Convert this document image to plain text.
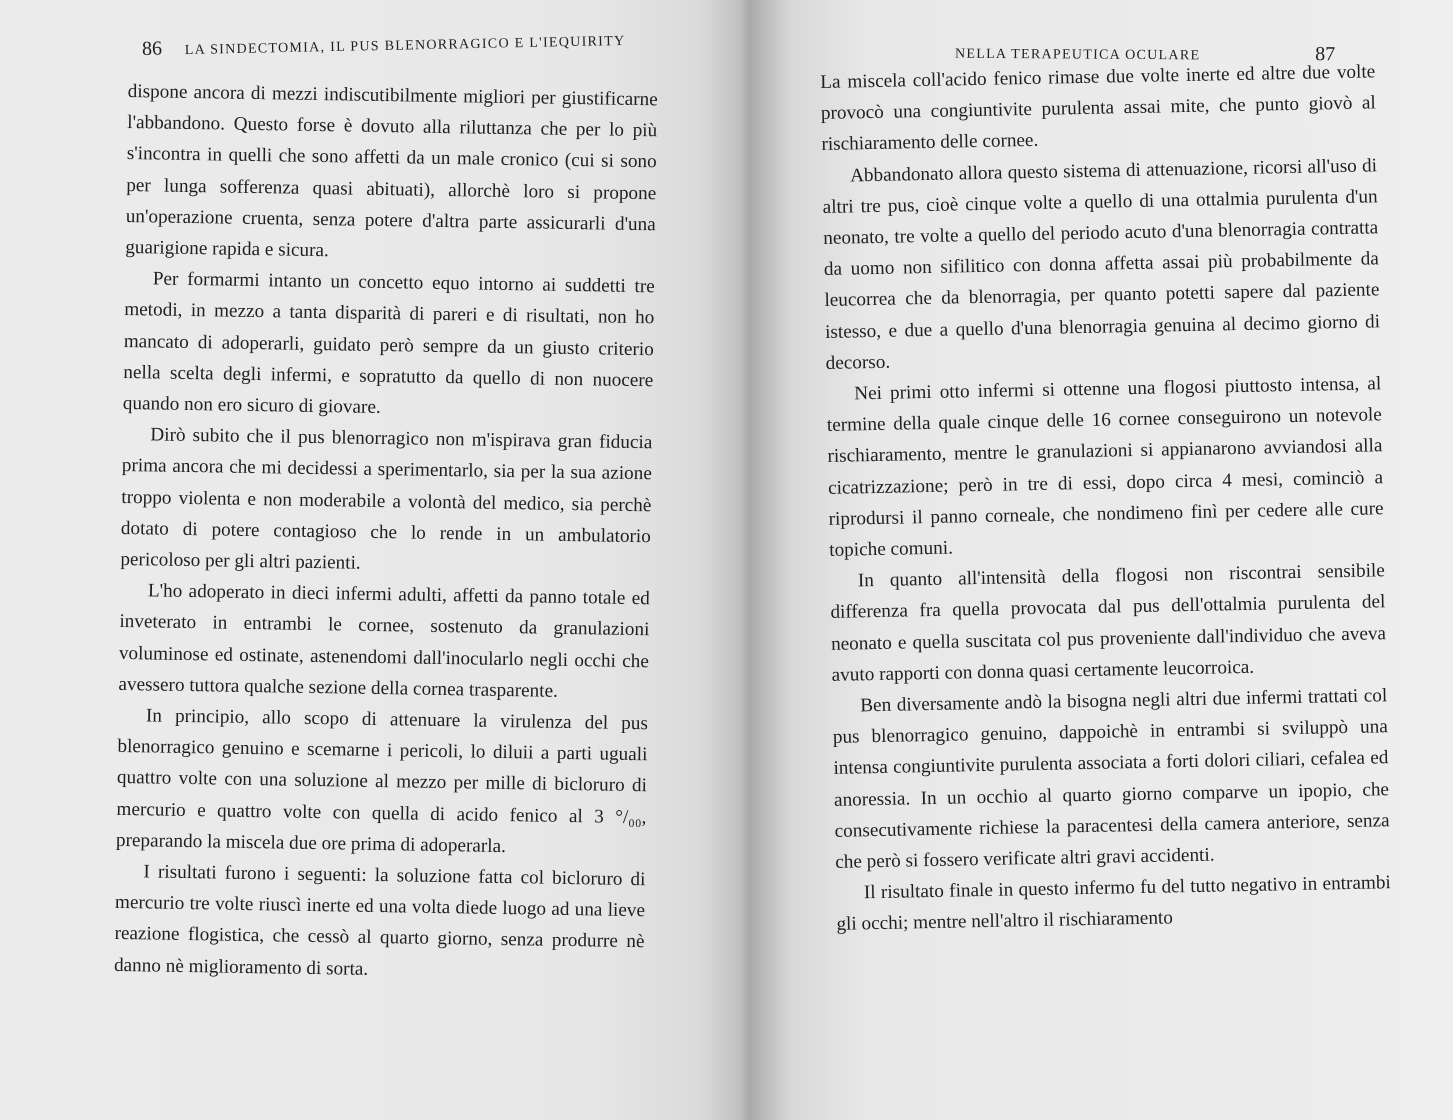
86 LA SINDECTOMIA, IL PUS BLENORRAGICO E L'IEQUIRITY

dispone ancora di mezzi indiscutibilmente migliori per giustificarne l'abbandono. Questo forse è dovuto alla riluttanza che per lo più s'incontra in quelli che sono affetti da un male cronico (cui si sono per lunga sofferenza quasi abituati), allorchè loro si propone un'operazione cruenta, senza potere d'altra parte assicurarli d'una guarigione rapida e sicura.

Per formarmi intanto un concetto equo intorno ai suddetti tre metodi, in mezzo a tanta disparità di pareri e di risultati, non ho mancato di adoperarli, guidato però sempre da un giusto criterio nella scelta degli infermi, e sopratutto da quello di non nuocere quando non ero sicuro di giovare.

Dirò subito che il pus blenorragico non m'ispirava gran fiducia prima ancora che mi decidessi a sperimentarlo, sia per la sua azione troppo violenta e non moderabile a volontà del medico, sia perchè dotato di potere contagioso che lo rende in un ambulatorio pericoloso per gli altri pazienti.

L'ho adoperato in dieci infermi adulti, affetti da panno totale ed inveterato in entrambi le cornee, sostenuto da granulazioni voluminose ed ostinate, astenendomi dall'inocularlo negli occhi che avessero tuttora qualche sezione della cornea trasparente.

In principio, allo scopo di attenuare la virulenza del pus blenorragico genuino e scemarne i pericoli, lo diluii a parti uguali quattro volte con una soluzione al mezzo per mille di bicloruro di mercurio e quattro volte con quella di acido fenico al 3 °/₀₀, preparando la miscela due ore prima di adoperarla.

I risultati furono i seguenti: la soluzione fatta col bicloruro di mercurio tre volte riuscì inerte ed una volta diede luogo ad una lieve reazione flogistica, che cessò al quarto giorno, senza produrre nè danno nè miglioramento di sorta.

NELLA TERAPEUTICA OCULARE	87

La miscela coll'acido fenico rimase due volte inerte ed altre due volte provocò una congiuntivite purulenta assai mite, che punto giovò al rischiaramento delle cornee.

Abbandonato allora questo sistema di attenuazione, ricorsi all'uso di altri tre pus, cioè cinque volte a quello di una ottalmia purulenta d'un neonato, tre volte a quello del periodo acuto d'una blenorragia contratta da uomo non sifilitico con donna affetta assai più probabilmente da leucorrea che da blenorragia, per quanto potetti sapere dal paziente istesso, e due a quello d'una blenorragia genuina al decimo giorno di decorso.

Nei primi otto infermi si ottenne una flogosi piuttosto intensa, al termine della quale cinque delle 16 cornee conseguirono un notevole rischiaramento, mentre le granulazioni si appianarono avviandosi alla cicatrizzazione; però in tre di essi, dopo circa 4 mesi, cominciò a riprodursi il panno corneale, che nondimeno finì per cedere alle cure topiche comuni.

In quanto all'intensità della flogosi non riscontrai sensibile differenza fra quella provocata dal pus dell'ottalmia purulenta del neonato e quella suscitata col pus proveniente dall'individuo che aveva avuto rapporti con donna quasi certamente leucorroica.

Ben diversamente andò la bisogna negli altri due infermi trattati col pus blenorragico genuino, dappoichè in entrambi si sviluppò una intensa congiuntivite purulenta associata a forti dolori ciliari, cefalea ed anoressia. In un occhio al quarto giorno comparve un ipopio, che consecutivamente richiese la paracentesi della camera anteriore, senza che però si fossero verificate altri gravi accidenti.

Il risultato finale in questo infermo fu del tutto negativo in entrambi gli occhi; mentre nell'altro il rischiaramento
